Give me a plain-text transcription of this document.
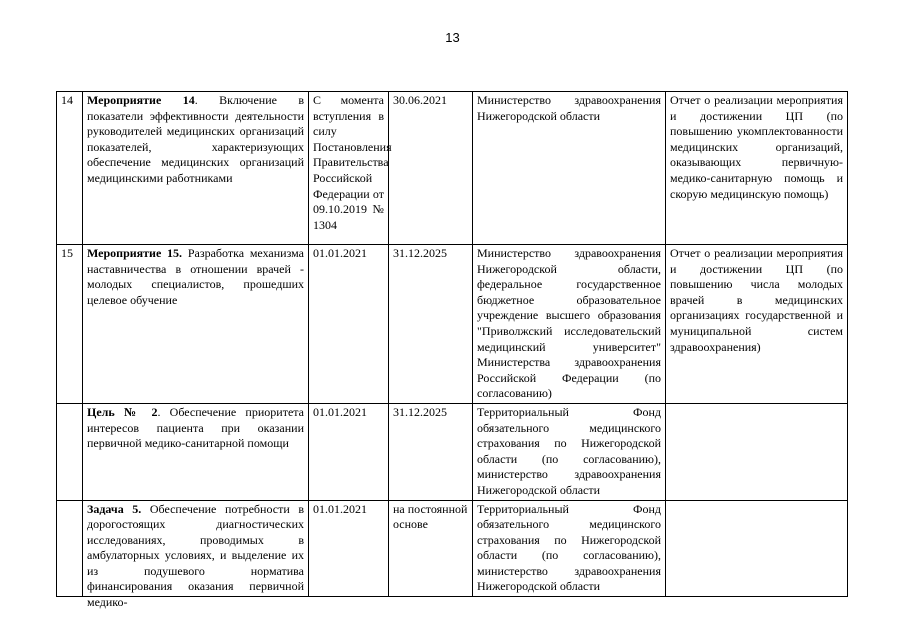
13
14	Мероприятие 14. Включение в показатели эффективности деятельности руководителей медицинских организаций показателей, характеризующих обеспечение медицинских организаций медицинскими работниками	С момента вступления в силу Постановления Правительства Российской Федерации от 09.10.2019 № 1304	30.06.2021	Министерство здравоохранения Нижегородской области	Отчет о реализации мероприятия и достижении ЦП (по повышению укомплектованности медицинских организаций, оказывающих первичную-медико-санитарную помощь и скорую медицинскую помощь)
15	Мероприятие 15. Разработка механизма наставничества в отношении врачей - молодых специалистов, прошедших целевое обучение	01.01.2021	31.12.2025	Министерство здравоохранения Нижегородской области, федеральное государственное бюджетное образовательное учреждение высшего образования "Приволжский исследовательский медицинский университет" Министерства здравоохранения Российской Федерации (по согласованию)	Отчет о реализации мероприятия и достижении ЦП (по повышению числа молодых врачей в медицинских организациях государственной и муниципальной систем здравоохранения)
	Цель № 2. Обеспечение приоритета интересов пациента при оказании первичной медико-санитарной помощи	01.01.2021	31.12.2025	Территориальный Фонд обязательного медицинского страхования по Нижегородской области (по согласованию), министерство здравоохранения Нижегородской области	

	Задача 5. Обеспечение потребности в дорогостоящих диагностических исследованиях, проводимых в амбулаторных условиях, и выделение их из подушевого норматива финансирования оказания первичной медико-	01.01.2021	на постоянной основе	Территориальный Фонд обязательного медицинского страхования по Нижегородской области (по согласованию), министерство здравоохранения Нижегородской области	
